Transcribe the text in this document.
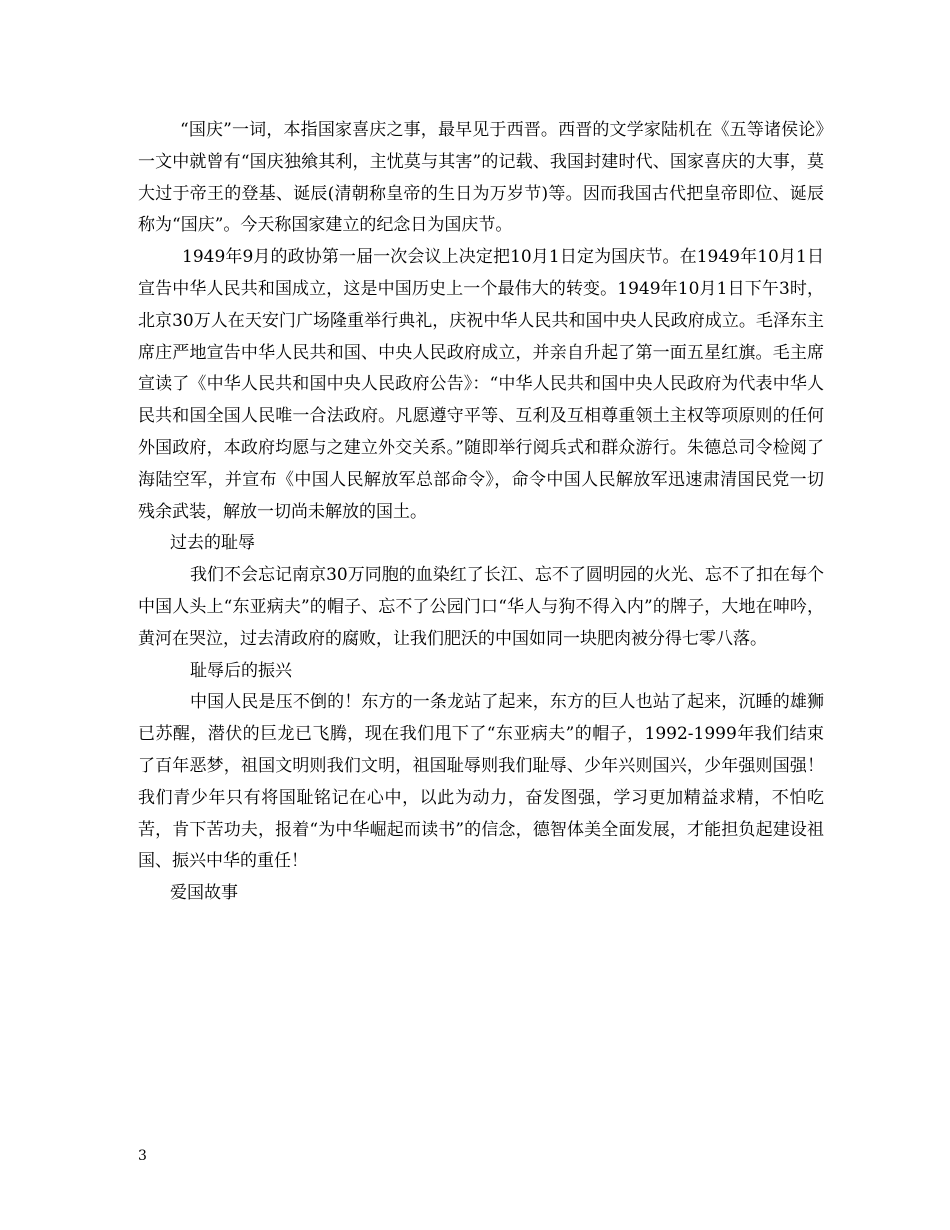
“国庆”一词，本指国家喜庆之事，最早见于西晋。西晋的文学家陆机在《五等诸侯论》一文中就曾有“国庆独飨其利，主忧莫与其害”的记载、我国封建时代、国家喜庆的大事，莫大过于帝王的登基、诞辰(清朝称皇帝的生日为万岁节)等。因而我国古代把皇帝即位、诞辰称为“国庆”。今天称国家建立的纪念日为国庆节。

1949年9月的政协第一届一次会议上决定把10月1日定为国庆节。在1949年10月1日宣告中华人民共和国成立，这是中国历史上一个最伟大的转变。1949年10月1日下午3时，北京30万人在天安门广场隆重举行典礼，庆祝中华人民共和国中央人民政府成立。毛泽东主席庄严地宣告中华人民共和国、中央人民政府成立，并亲自升起了第一面五星红旗。毛主席宣读了《中华人民共和国中央人民政府公告》：“中华人民共和国中央人民政府为代表中华人民共和国全国人民唯一合法政府。凡愿遵守平等、互利及互相尊重领土主权等项原则的任何外国政府，本政府均愿与之建立外交关系。”随即举行阅兵式和群众游行。朱德总司令检阅了海陆空军，并宣布《中国人民解放军总部命令》，命令中国人民解放军迅速肃清国民党一切残余武装，解放一切尚未解放的国土。

过去的耻辱

我们不会忘记南京30万同胞的血染红了长江、忘不了圆明园的火光、忘不了扣在每个中国人头上“东亚病夫”的帽子、忘不了公园门口“华人与狗不得入内”的牌子，大地在呻吟，黄河在哭泣，过去清政府的腐败，让我们肥沃的中国如同一块肥肉被分得七零八落。

耻辱后的振兴

中国人民是压不倒的！东方的一条龙站了起来，东方的巨人也站了起来，沉睡的雄狮已苏醒，潜伏的巨龙已飞腾，现在我们甩下了“东亚病夫”的帽子，1992-1999年我们结束了百年恶梦，祖国文明则我们文明，祖国耻辱则我们耻辱、少年兴则国兴，少年强则国强！我们青少年只有将国耻铭记在心中，以此为动力，奋发图强，学习更加精益求精，不怕吃苦，肯下苦功夫，报着“为中华崛起而读书”的信念，德智体美全面发展，才能担负起建设祖国、振兴中华的重任！

爱国故事

3
